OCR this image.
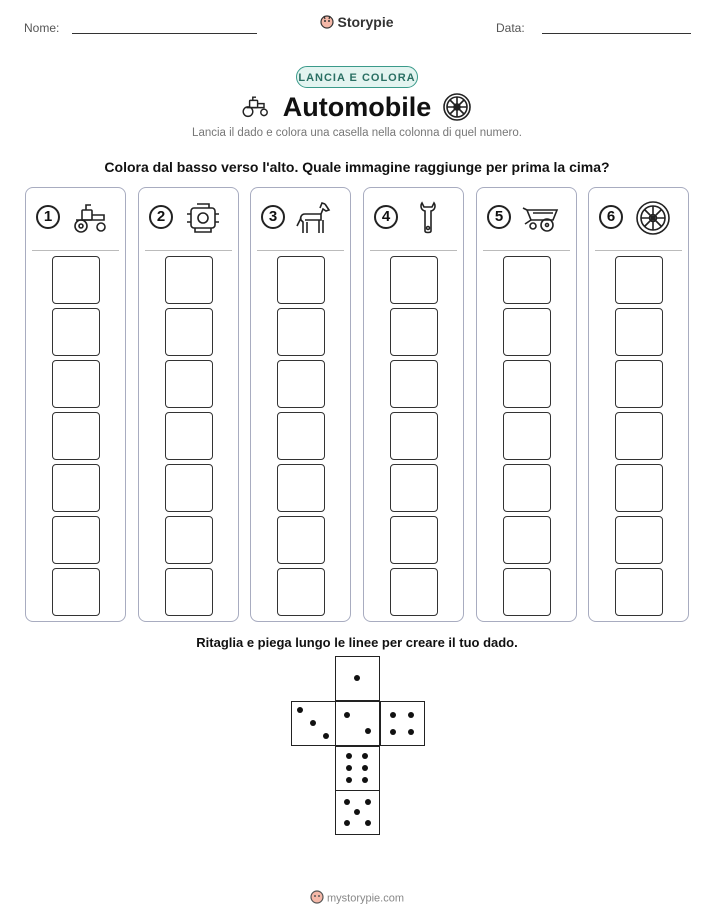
Nome:	Storypie	Data:
LANCIA E COLORA
Automobile
Lancia il dado e colora una casella nella colonna di quel numero.
Colora dal basso verso l'alto. Quale immagine raggiunge per prima la cima?
1	2	3	4	5	6
Ritaglia e piega lungo le linee per creare il tuo dado.
mystorypie.com
